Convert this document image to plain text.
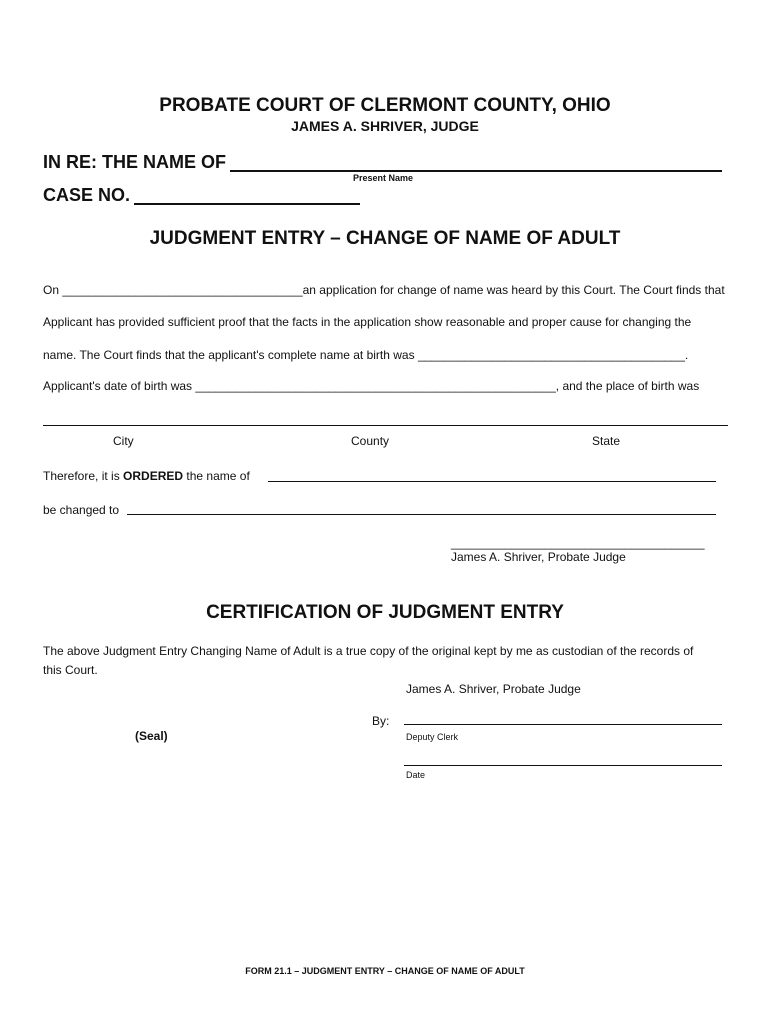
PROBATE COURT OF CLERMONT COUNTY, OHIO
JAMES A. SHRIVER, JUDGE
IN RE: THE NAME OF
Present Name
CASE NO.
JUDGMENT ENTRY – CHANGE OF NAME OF ADULT
On ____________________________________an application for change of name was heard by this Court. The Court finds that
Applicant has provided sufficient proof that the facts in the application show reasonable and proper cause for changing the
name. The Court finds that the applicant's complete name at birth was ________________________________________.
Applicant's date of birth was ______________________________________________________, and the place of birth was
City	County	State
Therefore, it is ORDERED the name of
be changed to
______________________________________
James A. Shriver, Probate Judge
CERTIFICATION OF JUDGMENT ENTRY
The above Judgment Entry Changing Name of Adult is a true copy of the original kept by me as custodian of the records of
this Court.
James A. Shriver, Probate Judge
By:
Deputy Clerk
(Seal)
Date
FORM 21.1 – JUDGMENT ENTRY – CHANGE OF NAME OF ADULT
